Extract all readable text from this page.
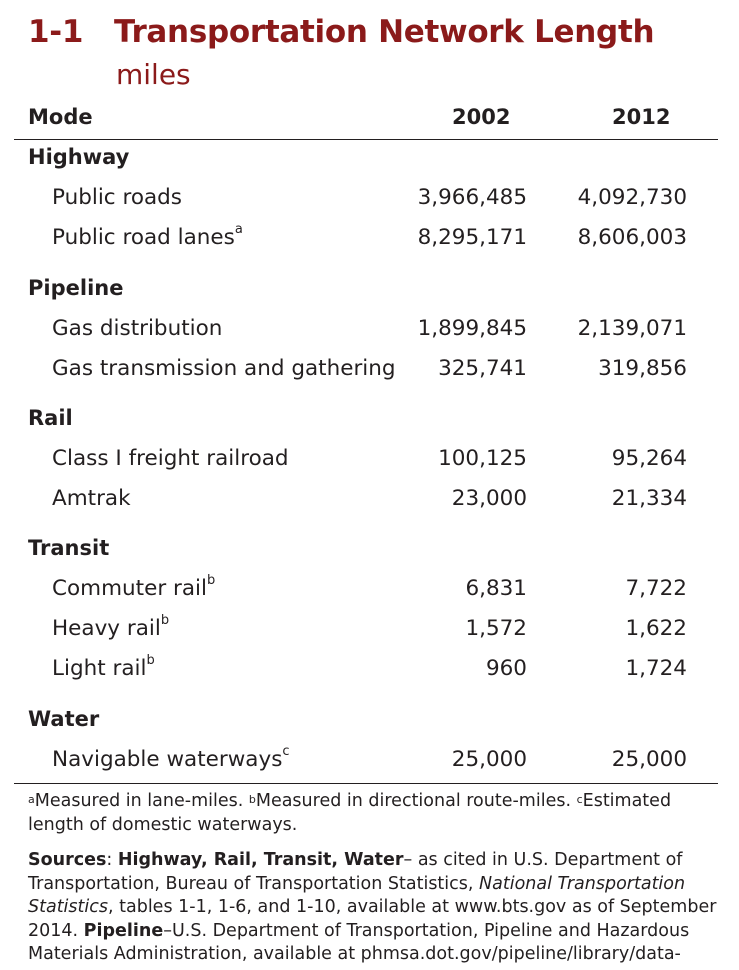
1-1 Transportation Network Length
miles
Mode	2002	2012
Highway
Public roads	3,966,485 4,092,730
Public road lanes$^a$	8,295,171 8,606,003
Pipeline
Gas distribution	1,899,845 2,139,071
Gas transmission and gathering 325,741	319,856
Rail
Class I freight railroad	100,125	95,264
Amtrak	23,000	21,334
Transit
Commuter rail$^b$	6,831	7,722
Heavy rail$^b$	1,572	1,622
Light rail$^b$	960	1,724
Water
Navigable waterways$^c$	25,000	25,000
$^a$Measured in lane-miles. $^b$Measured in directional route-miles. $^c$Estimated length of domestic waterways.
Sources: Highway, Rail, Transit, Water– as cited in U.S. Department of Transportation, Bureau of Transportation Statistics, National Transportation Statistics, tables 1-1, 1-6, and 1-10, available at www.bts.gov as of September 2014. Pipeline–U.S. Department of Transportation, Pipeline and Hazardous Materials Administration, available at phmsa.dot.gov/pipeline/library/data-
